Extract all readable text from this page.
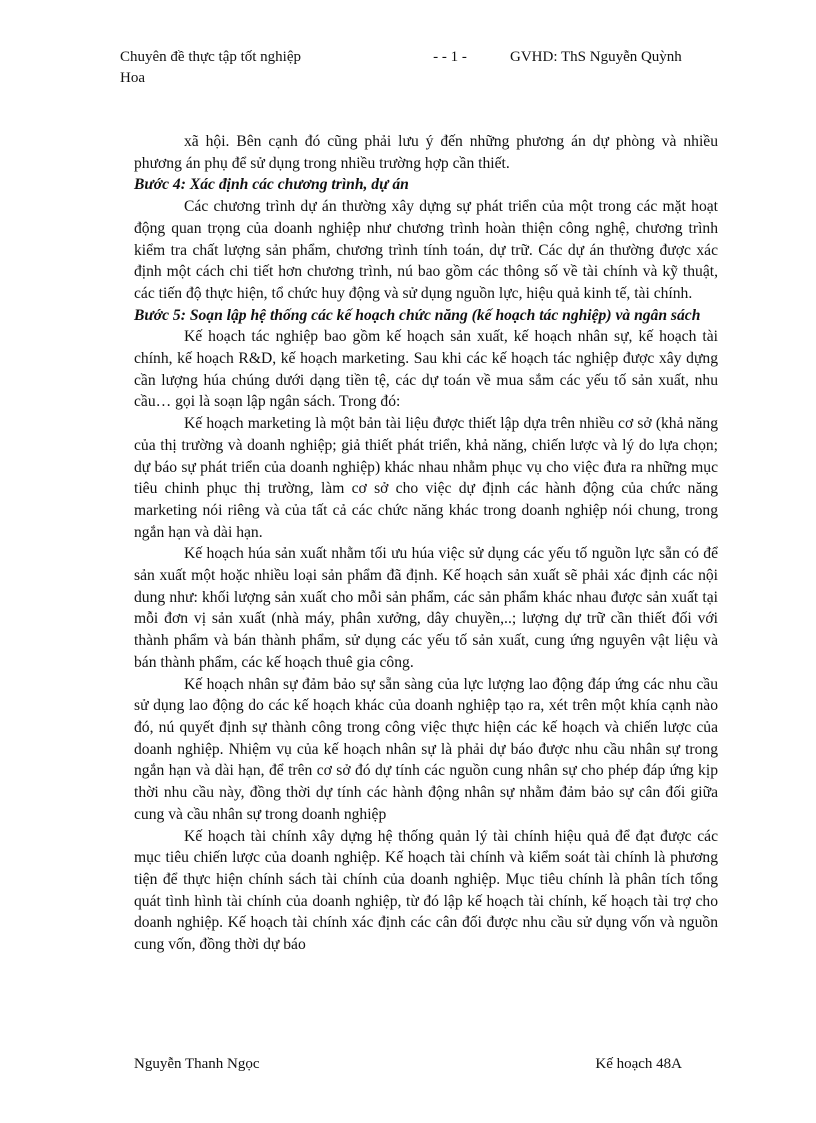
Chuyên đề thực tập tốt nghiệp	- - 1 -	GVHD: ThS Nguyễn Quỳnh
Hoa

xã hội. Bên cạnh đó cũng phải lưu ý đến những phương án dự phòng và nhiều phương án phụ để sử dụng trong nhiều trường hợp cần thiết.

Bước 4: Xác định các chương trình, dự án

Các chương trình dự án thường xây dựng sự phát triển của một trong các mặt hoạt động quan trọng của doanh nghiệp như chương trình hoàn thiện công nghệ, chương trình kiểm tra chất lượng sản phẩm, chương trình tính toán, dự trữ. Các dự án thường được xác định một cách chi tiết hơn chương trình, nú bao gồm các thông số về tài chính và kỹ thuật, các tiến độ thực hiện, tổ chức huy động và sử dụng nguồn lực, hiệu quả kinh tế, tài chính.

Bước 5: Soạn lập hệ thống các kế hoạch chức năng (kế hoạch tác nghiệp) và ngân sách

Kế hoạch tác nghiệp bao gồm kế hoạch sản xuất, kế hoạch nhân sự, kế hoạch tài chính, kế hoạch R&D, kế hoạch marketing. Sau khi các kế hoạch tác nghiệp được xây dựng cần lượng húa chúng dưới dạng tiền tệ, các dự toán về mua sắm các yếu tố sản xuất, nhu cầu… gọi là soạn lập ngân sách. Trong đó:

Kế hoạch marketing là một bản tài liệu được thiết lập dựa trên nhiều cơ sở (khả năng của thị trường và doanh nghiệp; giả thiết phát triển, khả năng, chiến lược và lý do lựa chọn; dự báo sự phát triển của doanh nghiệp) khác nhau nhằm phục vụ cho việc đưa ra những mục tiêu chinh phục thị trường, làm cơ sở cho việc dự định các hành động của chức năng marketing nói riêng và của tất cả các chức năng khác trong doanh nghiệp nói chung, trong ngắn hạn và dài hạn.

Kế hoạch húa sản xuất nhằm tối ưu húa việc sử dụng các yếu tố nguồn lực sẵn có để sản xuất một hoặc nhiều loại sản phẩm đã định. Kế hoạch sản xuất sẽ phải xác định các nội dung như: khối lượng sản xuất cho mỗi sản phẩm, các sản phẩm khác nhau được sản xuất tại mỗi đơn vị sản xuất (nhà máy, phân xưởng, dây chuyền,..; lượng dự trữ cần thiết đối với thành phẩm và bán thành phẩm, sử dụng các yếu tố sản xuất, cung ứng nguyên vật liệu và bán thành phẩm, các kế hoạch thuê gia công.

Kế hoạch nhân sự đảm bảo sự sẵn sàng của lực lượng lao động đáp ứng các nhu cầu sử dụng lao động do các kế hoạch khác của doanh nghiệp tạo ra, xét trên một khía cạnh nào đó, nú quyết định sự thành công trong công việc thực hiện các kế hoạch và chiến lược của doanh nghiệp. Nhiệm vụ của kế hoạch nhân sự là phải dự báo được nhu cầu nhân sự trong ngắn hạn và dài hạn, để trên cơ sở đó dự tính các nguồn cung nhân sự cho phép đáp ứng kịp thời nhu cầu này, đồng thời dự tính các hành động nhân sự nhằm đảm bảo sự cân đối giữa cung và cầu nhân sự trong doanh nghiệp

Kế hoạch tài chính xây dựng hệ thống quản lý tài chính hiệu quả để đạt được các mục tiêu chiến lược của doanh nghiệp. Kế hoạch tài chính và kiểm soát tài chính là phương tiện để thực hiện chính sách tài chính của doanh nghiệp. Mục tiêu chính là phân tích tổng quát tình hình tài chính của doanh nghiệp, từ đó lập kế hoạch tài chính, kế hoạch tài trợ cho doanh nghiệp. Kế hoạch tài chính xác định các cân đối được nhu cầu sử dụng vốn và nguồn cung vốn, đồng thời dự báo

Nguyễn Thanh Ngọc	Kế hoạch 48A
